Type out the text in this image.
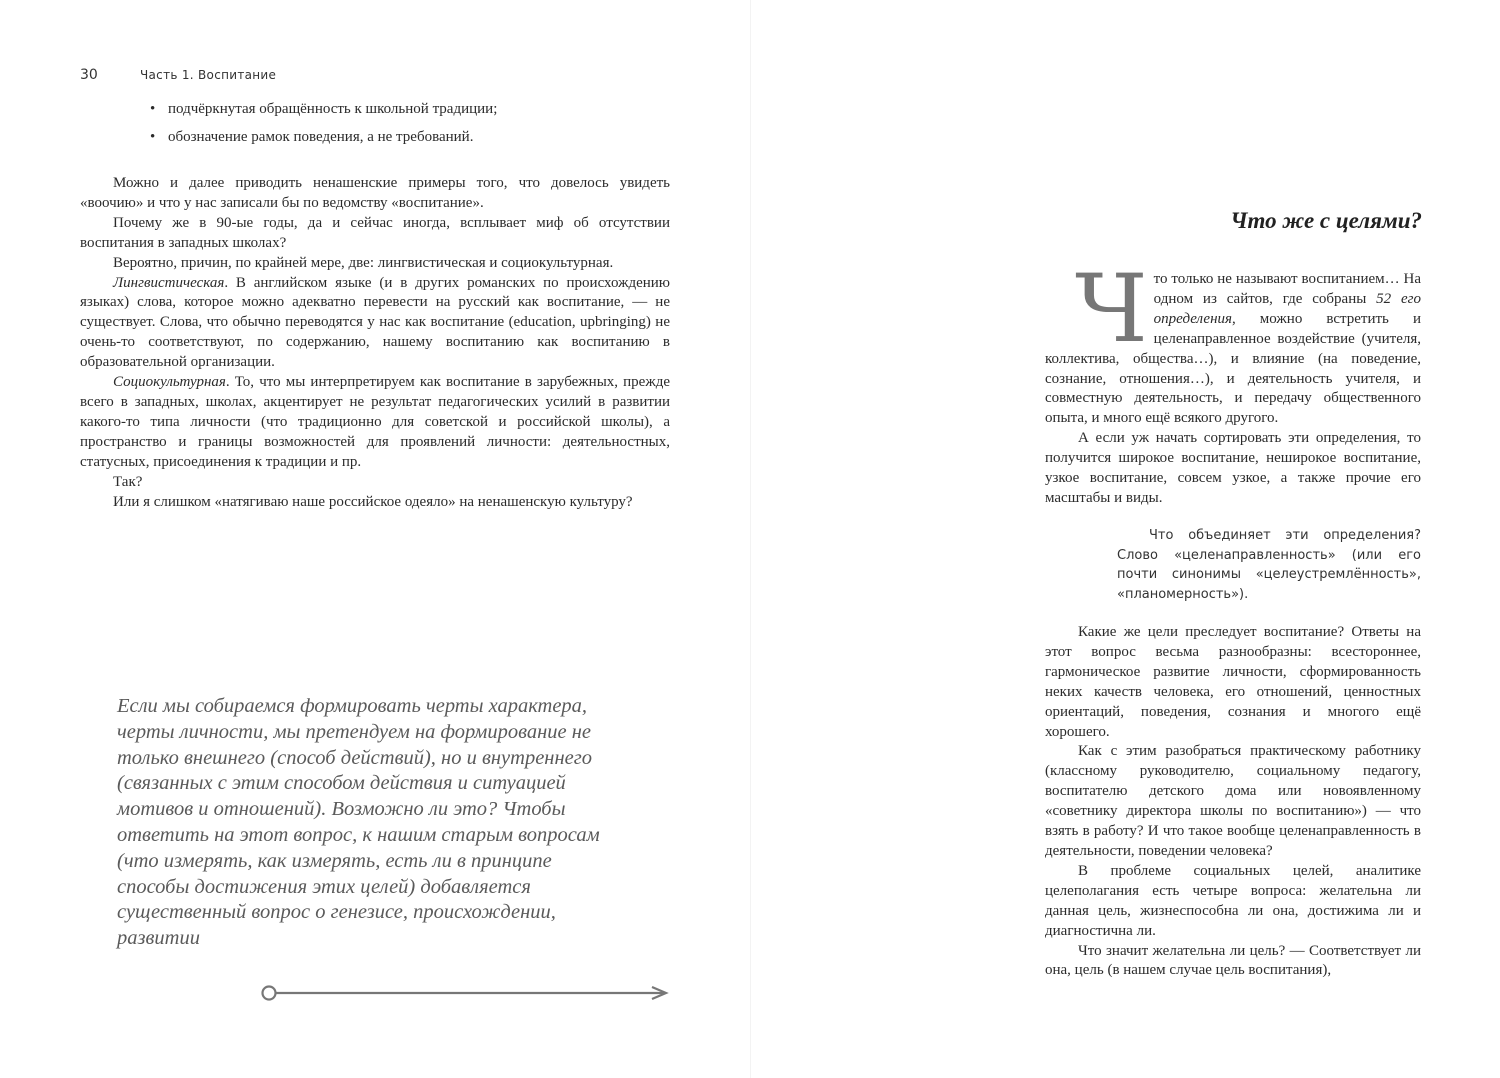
30	Часть 1. Воспитание
• подчёркнутая обращённость к школьной традиции;
• обозначение рамок поведения, а не требований.

Можно и далее приводить ненашенские примеры того, что довелось увидеть «воочию» и что у нас записали бы по ведомству «воспитание».

Почему же в 90-ые годы, да и сейчас иногда, всплывает миф об отсутствии воспитания в западных школах?

Вероятно, причин, по крайней мере, две: лингвистическая и социокультурная.

Лингвистическая. В английском языке (и в других романских по происхождению языках) слова, которое можно адекватно перевести на русский как воспитание, — не существует. Слова, что обычно переводятся у нас как воспитание (education, upbringing) не очень-то соответствуют, по содержанию, нашему воспитанию как воспитанию в образовательной организации.

Социокультурная. То, что мы интерпретируем как воспитание в зарубежных, прежде всего в западных, школах, акцентирует не результат педагогических усилий в развитии какого-то типа личности (что традиционно для советской и российской школы), а пространство и границы возможностей для проявлений личности: деятельностных, статусных, присоединения к традиции и пр.

Так?

Или я слишком «натягиваю наше российское одеяло» на ненашенскую культуру?

Если мы собираемся формировать черты характера, черты личности, мы претендуем на формирование не только внешнего (способ действий), но и внутреннего (связанных с этим способом действия и ситуацией мотивов и отношений). Возможно ли это? Чтобы ответить на этот вопрос, к нашим старым вопросам (что измерять, как измерять, есть ли в принципе способы достижения этих целей) добавляется существенный вопрос о генезисе, происхождении, развитии
Что же с целями?

Что только не называют воспитанием… На одном из сайтов, где собраны 52 его определения, можно встретить и целенаправленное воздействие (учителя, коллектива, общества…), и влияние (на поведение, сознание, отношения…), и деятельность учителя, и совместную деятельность, и передачу общественного опыта, и много ещё всякого другого.

А если уж начать сортировать эти определения, то получится широкое воспитание, неширокое воспитание, узкое воспитание, совсем узкое, а также прочие его масштабы и виды.

Что объединяет эти определения? Слово «целенаправленность» (или его почти синонимы «целеустремлённость», «планомерность»).

Какие же цели преследует воспитание? Ответы на этот вопрос весьма разнообразны: всестороннее, гармоническое развитие личности, сформированность неких качеств человека, его отношений, ценностных ориентаций, поведения, сознания и многого ещё хорошего.

Как с этим разобраться практическому работнику (классному руководителю, социальному педагогу, воспитателю детского дома или новоявленному «советнику директора школы по воспитанию») — что взять в работу? И что такое вообще целенаправленность в деятельности, поведении человека?

В проблеме социальных целей, аналитике целеполагания есть четыре вопроса: желательна ли данная цель, жизнеспособна ли она, достижима ли и диагностична ли.

Что значит желательна ли цель? — Соответствует ли она, цель (в нашем случае цель воспитания),
